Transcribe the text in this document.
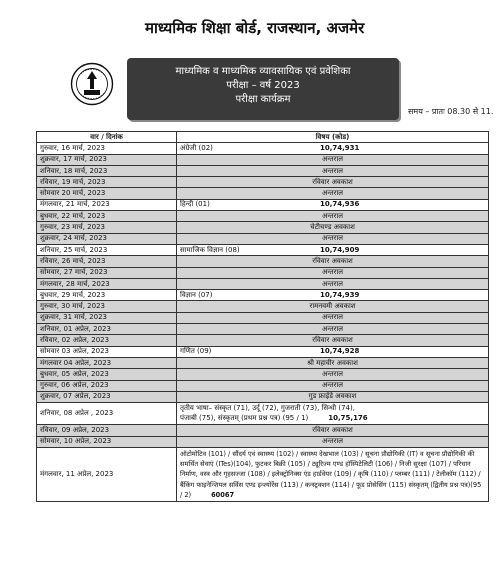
माध्यमिक शिक्षा बोर्ड, राजस्थान, अजमेर
माध्यमिक व माध्यमिक व्यावसायिक एवं प्रवेशिका
परीक्षा – वर्ष 2023
परीक्षा कार्यक्रम
समय – प्रातः 08.30 से 11.
वार / दिनांक	विषय (कोड)
गुरुवार, 16 मार्च, 2023	अंग्रेजी (02) 10,74,931

शुक्रवार, 17 मार्च, 2023	अन्तराल
शनिवार, 18 मार्च, 2023	अन्तराल
रविवार, 19 मार्च, 2023	रविवार अवकाश
सोमवार 20 मार्च, 2023	अन्तराल
मंगलवार, 21 मार्च, 2023	हिन्दी (01) 10,74,936

बुधवार, 22 मार्च, 2023	अन्तराल
गुरुवार, 23 मार्च, 2023	चेटीचण्ड अवकाश
शुक्रवार, 24 मार्च, 2023	अन्तराल
शनिवार, 25 मार्च, 2023	सामाजिक विज्ञान (08) 10,74,909

रविवार, 26 मार्च, 2023	रविवार अवकाश
सोमवार, 27 मार्च, 2023	अन्तराल
मंगलवार, 28 मार्च, 2023	अन्तराल
बुधवार, 29 मार्च, 2023	विज्ञान (07) 10,74,939

गुरुवार, 30 मार्च, 2023	रामनवमी अवकाश
शुक्रवार, 31 मार्च, 2023	अन्तराल
शनिवार, 01 अप्रेल, 2023	अन्तराल
रविवार, 02 अप्रेल, 2023	रविवार अवकाश
सोमवार 03 अप्रेल, 2023	गणित (09) 10,74,928

मंगलवार 04 अप्रेल, 2023	श्री महावीर अवकाश
बुधवार, 05 अप्रेल, 2023	अन्तराल
गुरुवार, 06 अप्रेल, 2023	अन्तराल
शुक्रवार, 07 अप्रेल, 2023	गुड फ्राईडे अवकाश
शनिवार, 08 अप्रेल , 2023	तृतीय भाषा– संस्कृत (71), उर्दू (72), गुजराती (73), सिन्धी (74),
पंजाबी (75), संस्कृतम् (प्रथम प्रश्न पत्र) (95 / 1) 10,75,176

रविवार, 09 अप्रेल, 2023	रविवार अवकाश
सोमवार, 10 अप्रेल, 2023	अन्तराल
मंगलवार, 11 अप्रेल, 2023	ऑटोमोटिव (101) / सौंदर्य एवं स्वास्थ्य (102) / स्वास्थ्य देखभाल (103) / सूचना प्रौद्योगिकी (IT) व सूचना प्रौद्योगिकी की समर्थित सेवाएं (ITes)(104), फुटकर बिक्री (105) / ट्यूरिज्म एण्ड हॉस्पिटेलिटी (106) / निजी सुरक्षा (107) / परिधान निर्माण, वस्त्र और गृहसज्जा (108) / इलेक्ट्रोनिक्स एंड हार्डवेयर (109) / कृषि (110) / प्लम्बर (111) / टेलीकॉम (112) / बैंकिंग फाइनेन्शियल सर्विस एण्ड इन्श्योरेंस (113) / कन्स्ट्रक्शन (114) / फूड प्रोसेसिंग (115) संस्कृतम् (द्वितीय प्रश्न पत्र)(95 / 2) 60067
